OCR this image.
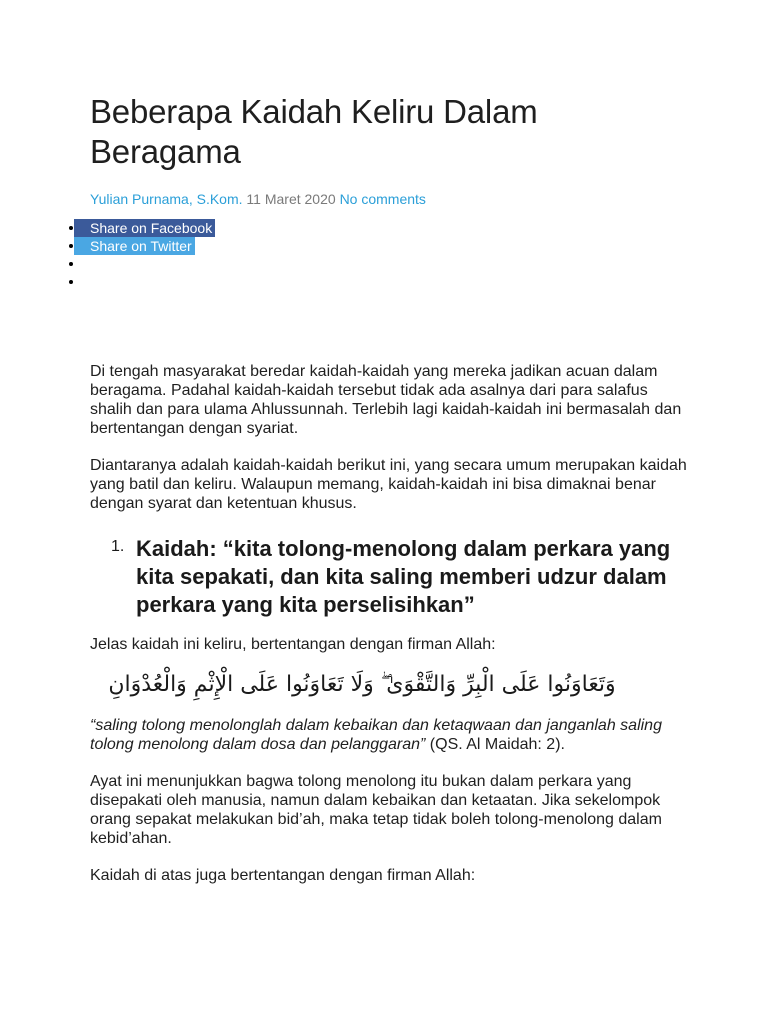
Beberapa Kaidah Keliru Dalam Beragama
Yulian Purnama, S.Kom. 11 Maret 2020 No comments
Share on Facebook
Share on Twitter

Di tengah masyarakat beredar kaidah-kaidah yang mereka jadikan acuan dalam beragama. Padahal kaidah-kaidah tersebut tidak ada asalnya dari para salafus shalih dan para ulama Ahlussunnah. Terlebih lagi kaidah-kaidah ini bermasalah dan bertentangan dengan syariat.

Diantaranya adalah kaidah-kaidah berikut ini, yang secara umum merupakan kaidah yang batil dan keliru. Walaupun memang, kaidah-kaidah ini bisa dimaknai benar dengan syarat dan ketentuan khusus.

1. Kaidah: “kita tolong-menolong dalam perkara yang kita sepakati, dan kita saling memberi udzur dalam perkara yang kita perselisihkan”

Jelas kaidah ini keliru, bertentangan dengan firman Allah:

وَتَعَاوَنُوا عَلَى الْبِرِّ وَالتَّقْوَىٰ ۖ وَلَا تَعَاوَنُوا عَلَى الْإِثْمِ وَالْعُدْوَانِ

“saling tolong menolonglah dalam kebaikan dan ketaqwaan dan janganlah saling tolong menolong dalam dosa dan pelanggaran” (QS. Al Maidah: 2).

Ayat ini menunjukkan bagwa tolong menolong itu bukan dalam perkara yang disepakati oleh manusia, namun dalam kebaikan dan ketaatan. Jika sekelompok orang sepakat melakukan bid’ah, maka tetap tidak boleh tolong-menolong dalam kebid’ahan.

Kaidah di atas juga bertentangan dengan firman Allah:
